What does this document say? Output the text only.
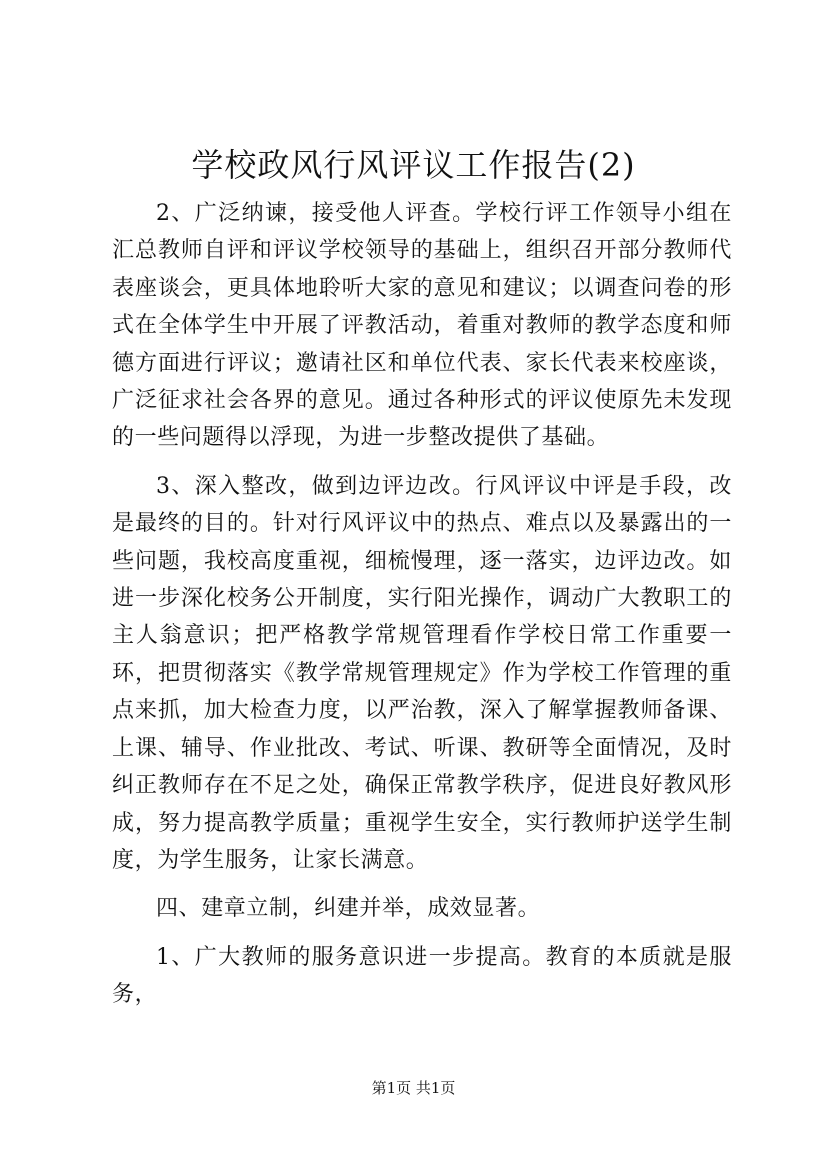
学校政风行风评议工作报告(2)

2、广泛纳谏，接受他人评查。学校行评工作领导小组在汇总教师自评和评议学校领导的基础上，组织召开部分教师代表座谈会，更具体地聆听大家的意见和建议；以调查问卷的形式在全体学生中开展了评教活动，着重对教师的教学态度和师德方面进行评议；邀请社区和单位代表、家长代表来校座谈，广泛征求社会各界的意见。通过各种形式的评议使原先未发现的一些问题得以浮现，为进一步整改提供了基础。

3、深入整改，做到边评边改。行风评议中评是手段，改是最终的目的。针对行风评议中的热点、难点以及暴露出的一些问题，我校高度重视，细梳慢理，逐一落实，边评边改。如进一步深化校务公开制度，实行阳光操作，调动广大教职工的主人翁意识；把严格教学常规管理看作学校日常工作重要一环，把贯彻落实《教学常规管理规定》作为学校工作管理的重点来抓，加大检查力度，以严治教，深入了解掌握教师备课、上课、辅导、作业批改、考试、听课、教研等全面情况，及时纠正教师存在不足之处，确保正常教学秩序，促进良好教风形成，努力提高教学质量；重视学生安全，实行教师护送学生制度，为学生服务，让家长满意。

四、建章立制，纠建并举，成效显著。

1、广大教师的服务意识进一步提高。教育的本质就是服务，

第1页 共1页
